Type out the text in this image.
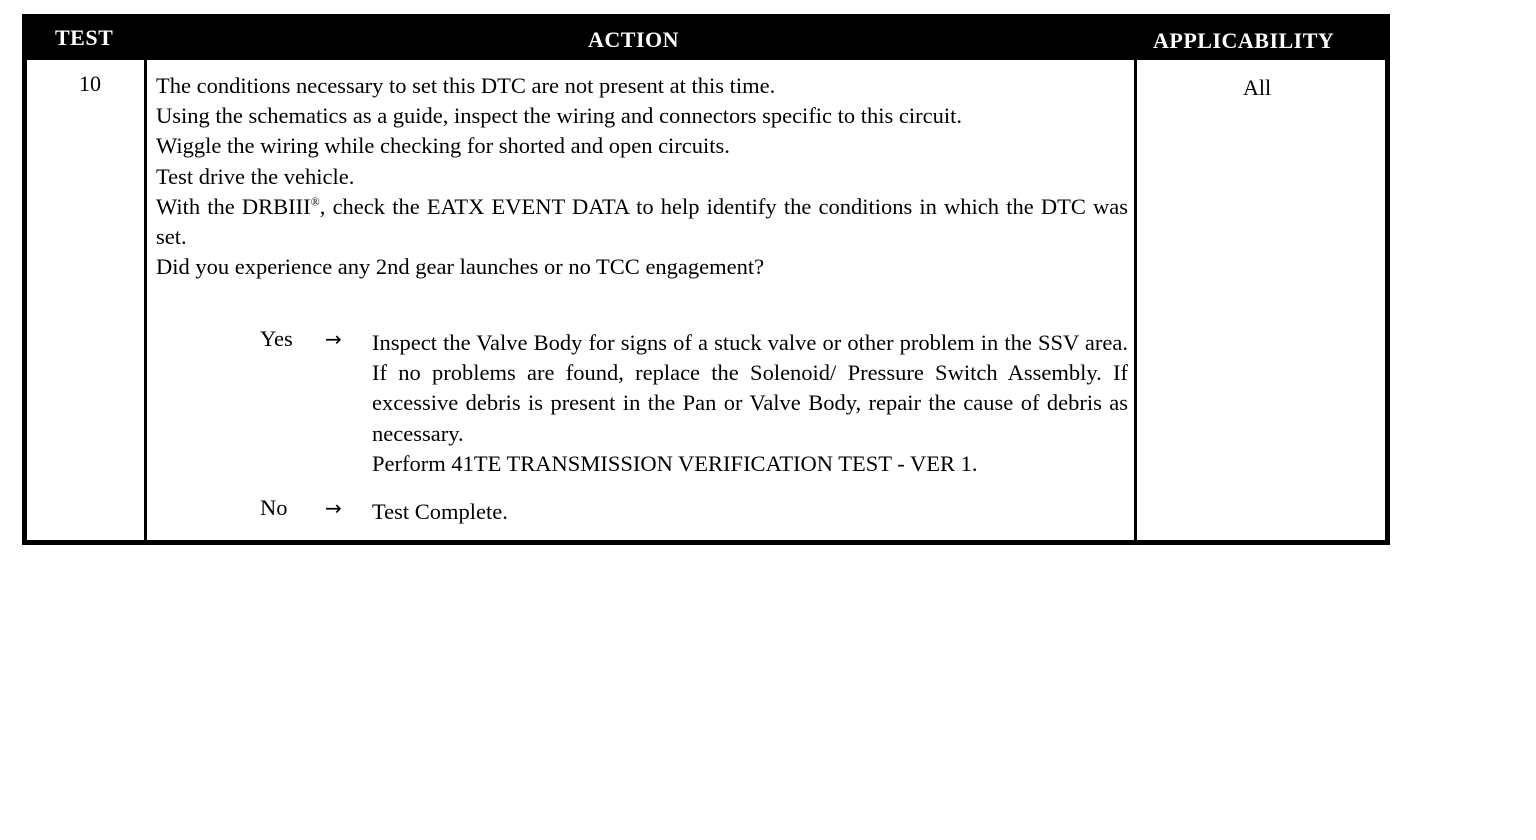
TEST	ACTION	APPLICABILITY
10 The conditions necessary to set this DTC are not present at this time.

Using the schematics as a guide, inspect the wiring and connectors specific to this circuit.

Wiggle the wiring while checking for shorted and open circuits.

Test drive the vehicle.

With the DRBIII®, check the EATX EVENT DATA to help identify the conditions in which the DTC was set.

Did you experience any 2nd gear launches or no TCC engagement?

Yes → Inspect the Valve Body for signs of a stuck valve or other problem in the SSV area. If no problems are found, replace the Solenoid/ Pressure Switch Assembly. If excessive debris is present in the Pan or Valve Body, repair the cause of debris as necessary.

Perform 41TE TRANSMISSION VERIFICATION TEST - VER 1.

No → Test Complete.

All
